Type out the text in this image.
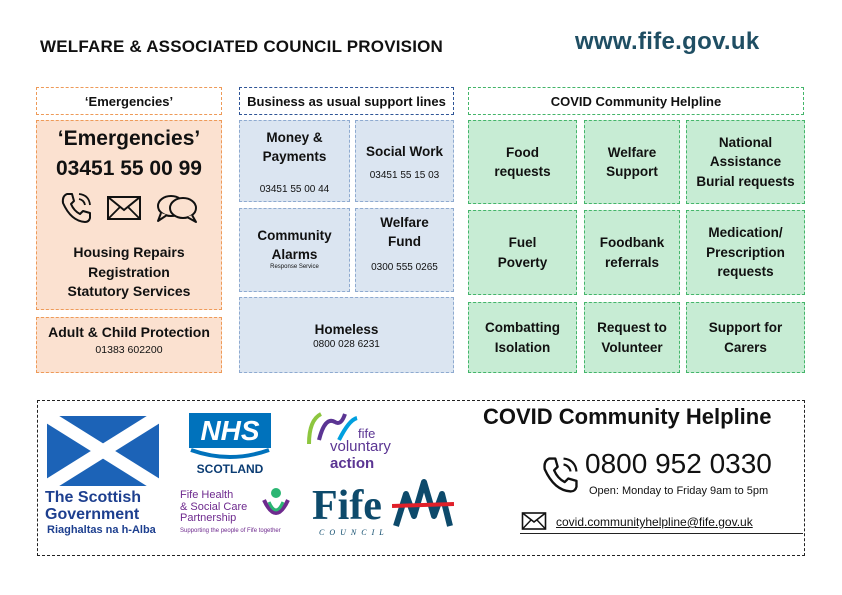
WELFARE & ASSOCIATED COUNCIL PROVISION	www.fife.gov.uk
‘Emergencies’	Business as usual support lines	COVID Community Helpline
‘Emergencies’
03451 55 00 99
Housing Repairs
Registration
Statutory Services
Adult & Child Protection
01383 602200
Money &
Payments
03451 55 00 44
Social Work
03451 55 15 03
Community
Alarms
Response Service
Welfare
Fund
0300 555 0265
Homeless
0800 028 6231
Food
requests
Welfare
Support
National
Assistance
Burial requests
Fuel
Poverty
Foodbank
referrals
Medication/
Prescription
requests
Combatting
Isolation
Request to
Volunteer
Support for
Carers
The Scottish
Government
Riaghaltas na h-Alba
NHS
SCOTLAND
fife
voluntary
action
Fife Health
& Social Care
Partnership
Supporting the people of Fife together
Fife
COUNCIL
COVID Community Helpline
0800 952 0330
Open: Monday to Friday 9am to 5pm
covid.communityhelpline@fife.gov.uk
